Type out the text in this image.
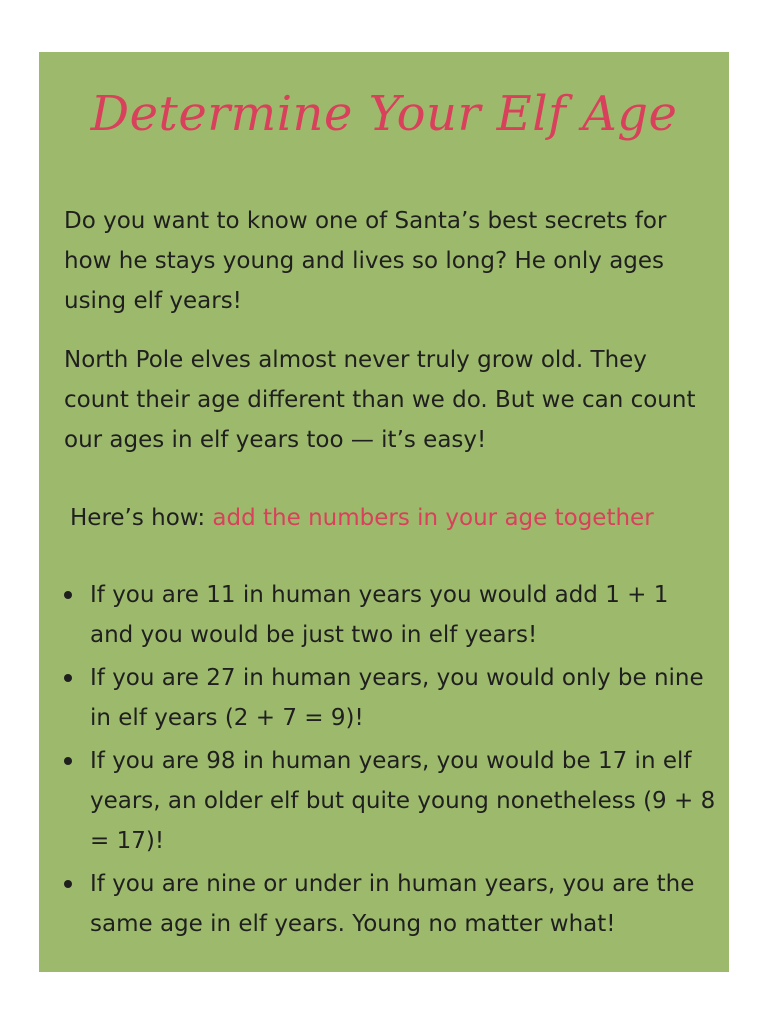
Determine Your Elf Age

Do you want to know one of Santa’s best secrets for how he stays young and lives so long? He only ages using elf years!

North Pole elves almost never truly grow old. They count their age different than we do. But we can count our ages in elf years too — it’s easy!

Here’s how: add the numbers in your age together

If you are 11 in human years you would add 1 + 1 and you would be just two in elf years!
If you are 27 in human years, you would only be nine in elf years (2 + 7 = 9)!
If you are 98 in human years, you would be 17 in elf years, an older elf but quite young nonetheless (9 + 8 = 17)!
If you are nine or under in human years, you are the same age in elf years. Young no matter what!
